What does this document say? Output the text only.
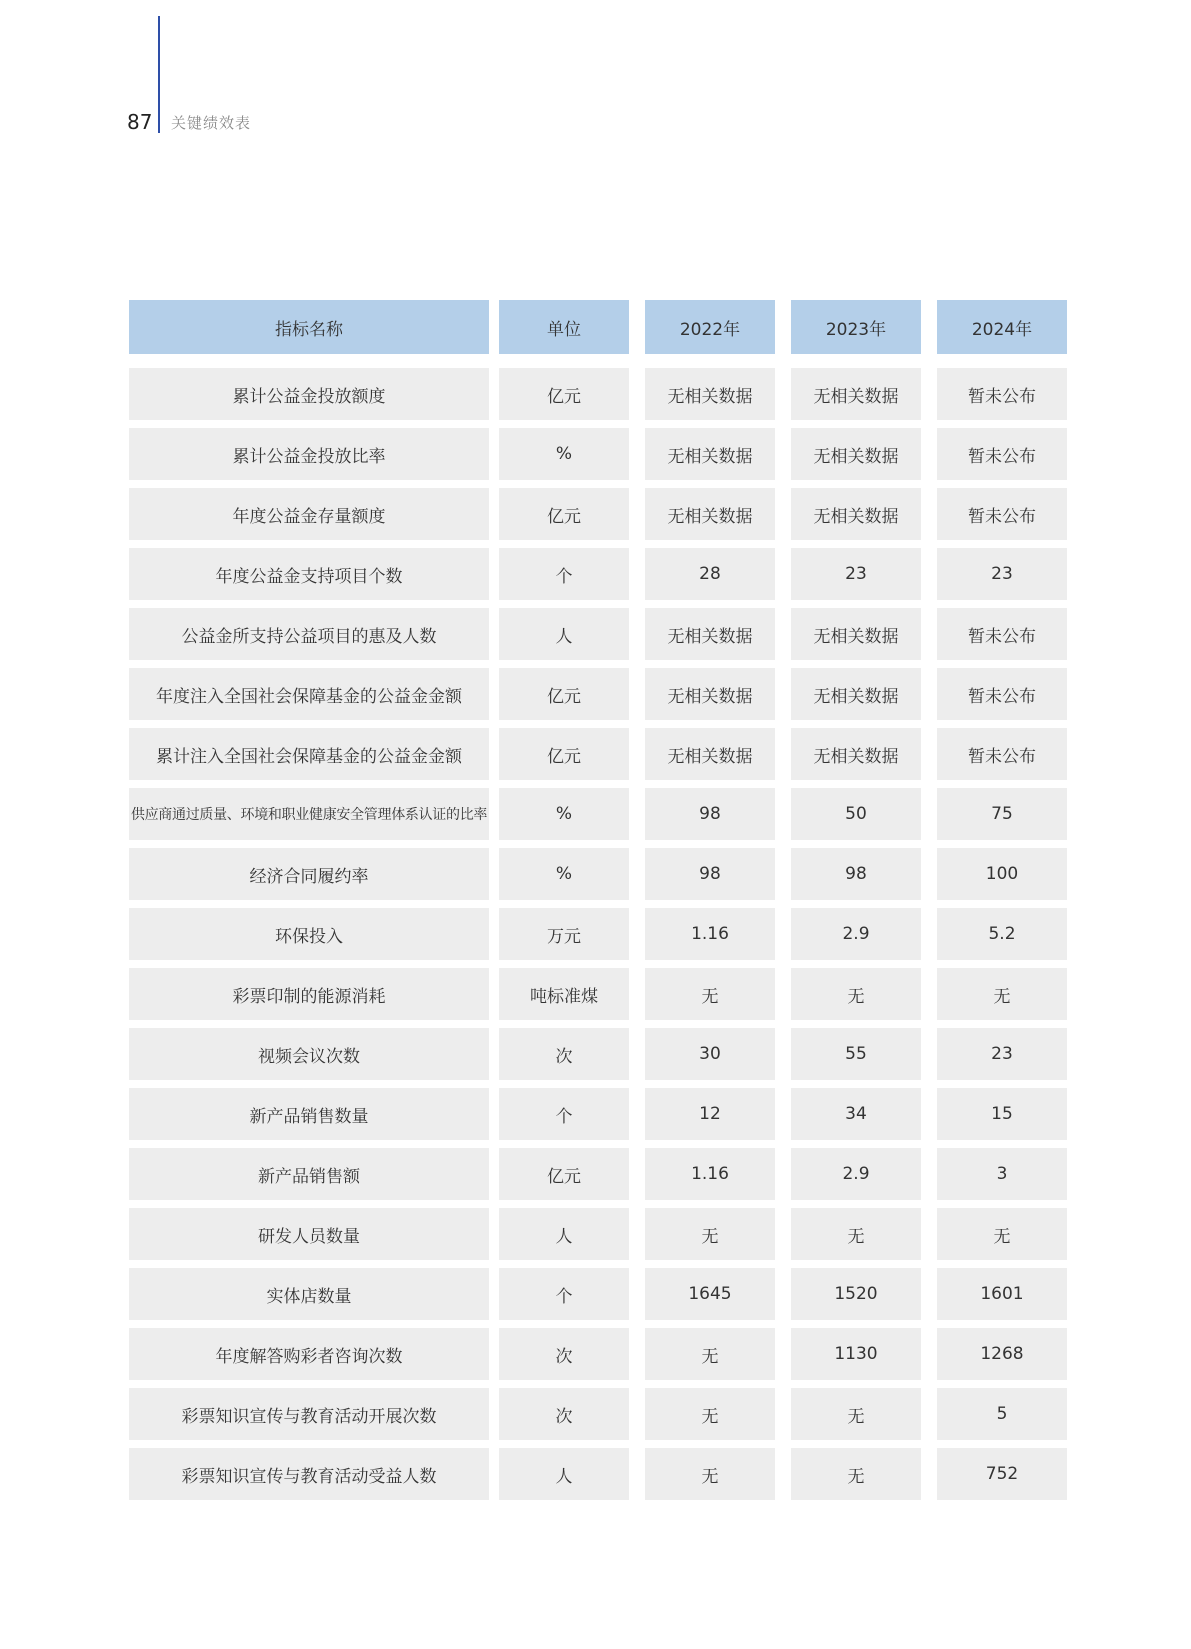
87 关键绩效表
指标名称	单位	2022年	2023年	2024年
累计公益金投放额度	亿元	无相关数据	无相关数据	暂未公布
累计公益金投放比率	%	无相关数据	无相关数据	暂未公布
年度公益金存量额度	亿元	无相关数据	无相关数据	暂未公布
年度公益金支持项目个数	个	28	23	23
公益金所支持公益项目的惠及人数	人	无相关数据	无相关数据	暂未公布
年度注入全国社会保障基金的公益金金额	亿元	无相关数据	无相关数据	暂未公布
累计注入全国社会保障基金的公益金金额	亿元	无相关数据	无相关数据	暂未公布
供应商通过质量、环境和职业健康安全管理体系认证的比率	%	98	50	75
经济合同履约率	%	98	98	100
环保投入	万元	1.16	2.9	5.2
彩票印制的能源消耗	吨标准煤	无	无	无
视频会议次数	次	30	55	23
新产品销售数量	个	12	34	15
新产品销售额	亿元	1.16	2.9	3
研发人员数量	人	无	无	无
实体店数量	个	1645	1520	1601
年度解答购彩者咨询次数	次	无	1130	1268
彩票知识宣传与教育活动开展次数	次	无	无	5
彩票知识宣传与教育活动受益人数	人	无	无	752
